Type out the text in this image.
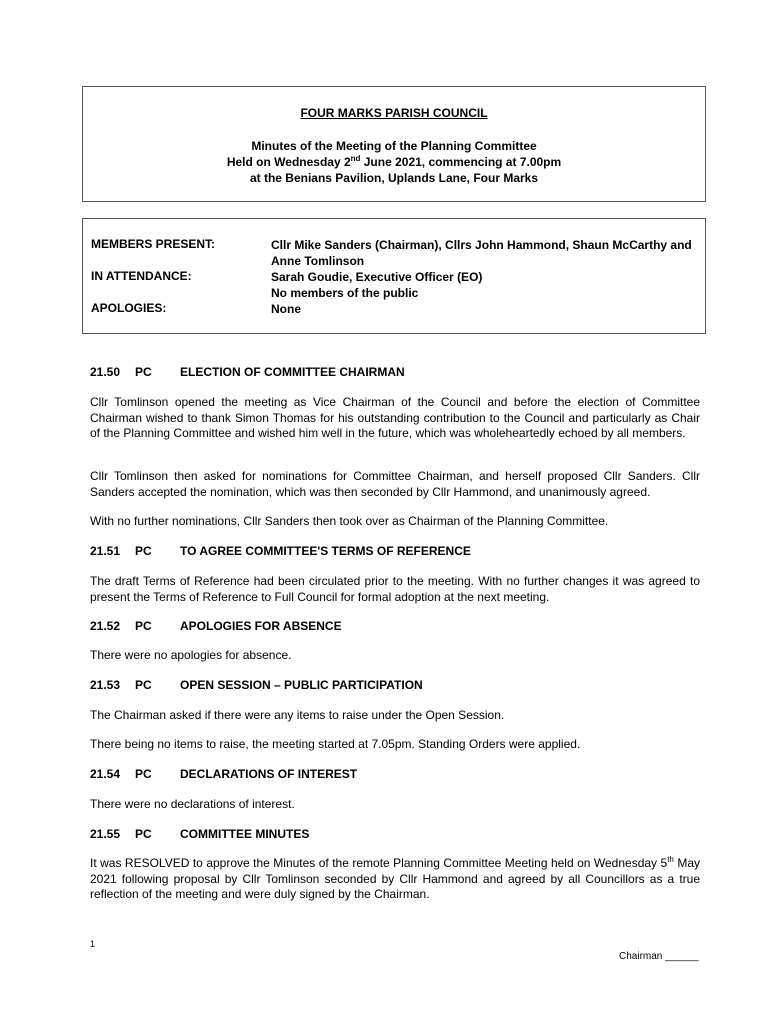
FOUR MARKS PARISH COUNCIL
Minutes of the Meeting of the Planning Committee
Held on Wednesday 2nd June 2021, commencing at 7.00pm
at the Benians Pavilion, Uplands Lane, Four Marks
MEMBERS PRESENT:	Cllr Mike Sanders (Chairman), Cllrs John Hammond, Shaun McCarthy and Anne Tomlinson
IN ATTENDANCE:	Sarah Goudie, Executive Officer (EO)
No members of the public
APOLOGIES:	None
21.50 PC ELECTION OF COMMITTEE CHAIRMAN
Cllr Tomlinson opened the meeting as Vice Chairman of the Council and before the election of Committee Chairman wished to thank Simon Thomas for his outstanding contribution to the Council and particularly as Chair of the Planning Committee and wished him well in the future, which was wholeheartedly echoed by all members.
Cllr Tomlinson then asked for nominations for Committee Chairman, and herself proposed Cllr Sanders. Cllr Sanders accepted the nomination, which was then seconded by Cllr Hammond, and unanimously agreed.
With no further nominations, Cllr Sanders then took over as Chairman of the Planning Committee.
21.51 PC TO AGREE COMMITTEE'S TERMS OF REFERENCE
The draft Terms of Reference had been circulated prior to the meeting. With no further changes it was agreed to present the Terms of Reference to Full Council for formal adoption at the next meeting.
21.52 PC APOLOGIES FOR ABSENCE
There were no apologies for absence.
21.53 PC OPEN SESSION – PUBLIC PARTICIPATION
The Chairman asked if there were any items to raise under the Open Session.
There being no items to raise, the meeting started at 7.05pm. Standing Orders were applied.
21.54 PC DECLARATIONS OF INTEREST
There were no declarations of interest.
21.55 PC COMMITTEE MINUTES
It was RESOLVED to approve the Minutes of the remote Planning Committee Meeting held on Wednesday 5th May 2021 following proposal by Cllr Tomlinson seconded by Cllr Hammond and agreed by all Councillors as a true reflection of the meeting and were duly signed by the Chairman.
1
Chairman ______
